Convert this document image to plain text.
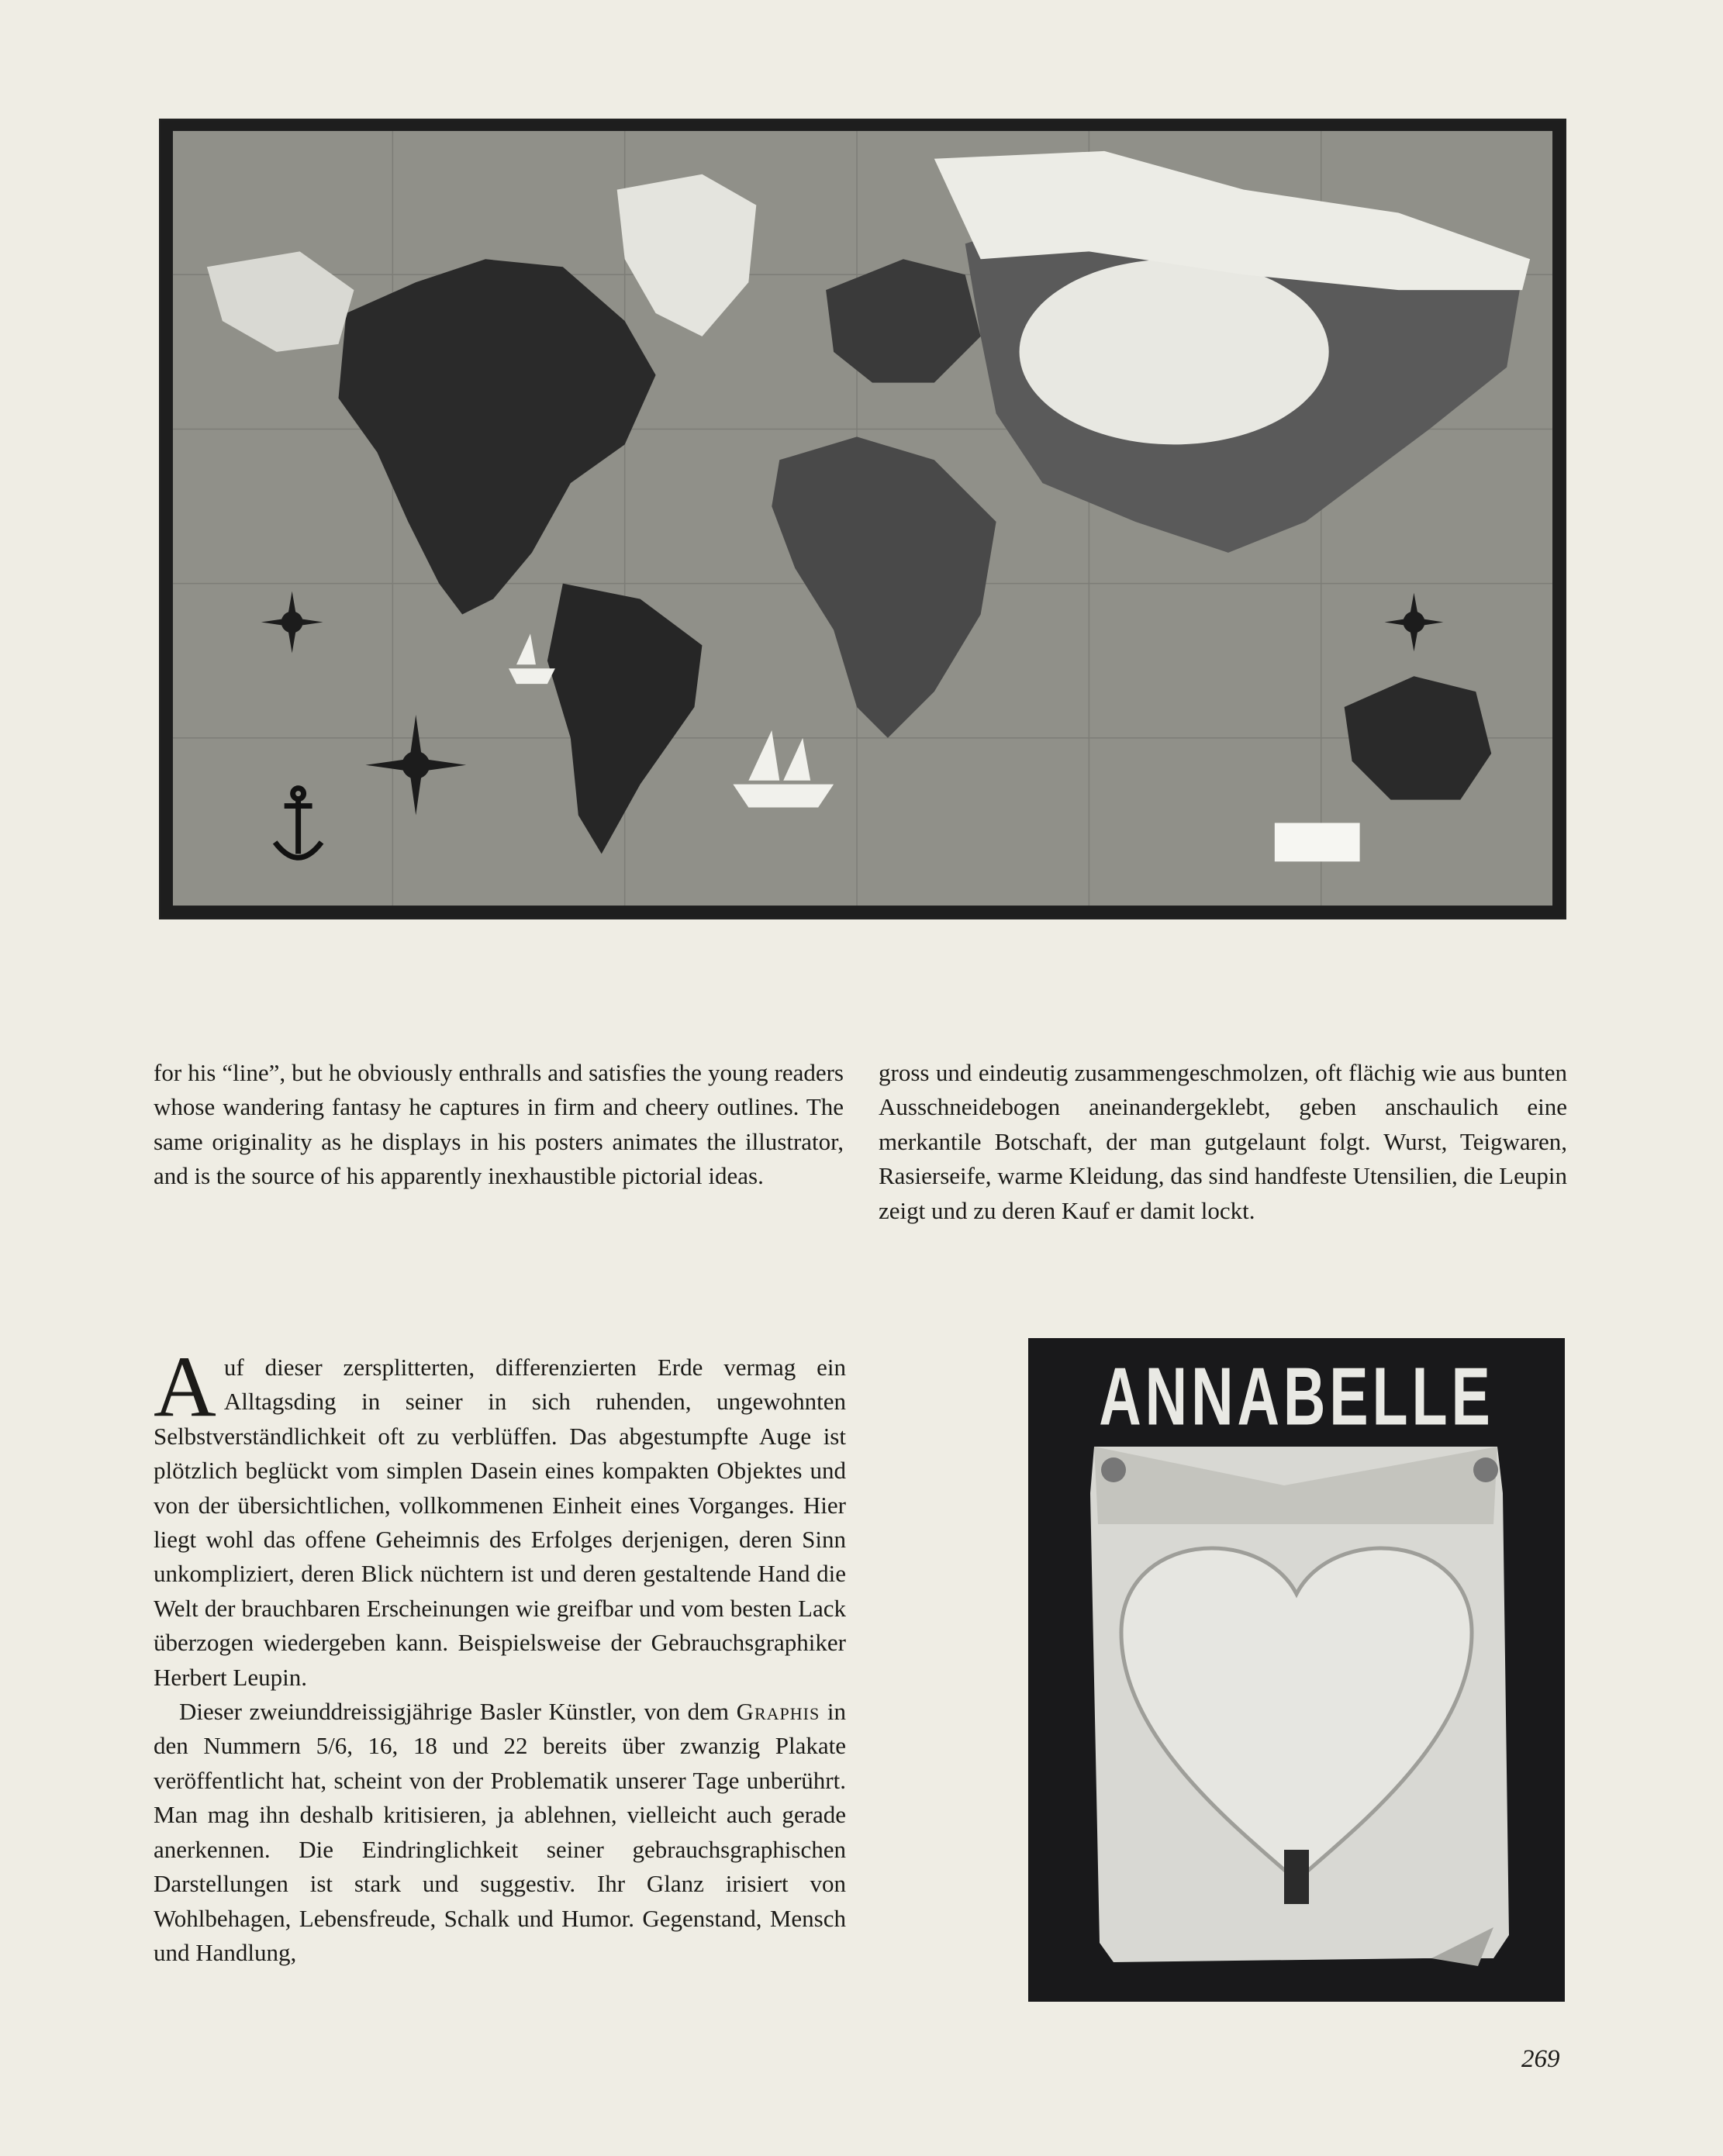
for his “line”, but he obviously enthralls and satisfies the young readers whose wandering fantasy he captures in firm and cheery outlines. The same originality as he displays in his posters animates the illustrator, and is the source of his apparently inexhaustible pictorial ideas.

gross und eindeutig zusammengeschmolzen, oft flächig wie aus bunten Ausschneidebogen aneinandergeklebt, geben anschaulich eine merkantile Botschaft, der man gutgelaunt folgt. Wurst, Teigwaren, Rasierseife, warme Kleidung, das sind handfeste Utensilien, die Leupin zeigt und zu deren Kauf er damit lockt.

Auf dieser zersplitterten, differenzierten Erde vermag ein Alltagsding in seiner in sich ruhenden, ungewohnten Selbstverständlichkeit oft zu verblüffen. Das abgestumpfte Auge ist plötzlich beglückt vom simplen Dasein eines kompakten Objektes und von der übersichtlichen, vollkommenen Einheit eines Vorganges. Hier liegt wohl das offene Geheimnis des Erfolges derjenigen, deren Sinn unkompliziert, deren Blick nüchtern ist und deren gestaltende Hand die Welt der brauchbaren Erscheinungen wie greifbar und vom besten Lack überzogen wiedergeben kann. Beispielsweise der Gebrauchsgraphiker Herbert Leupin.

Dieser zweiunddreissigjährige Basler Künstler, von dem Graphis in den Nummern 5/6, 16, 18 und 22 bereits über zwanzig Plakate veröffentlicht hat, scheint von der Problematik unserer Tage unberührt. Man mag ihn deshalb kritisieren, ja ablehnen, vielleicht auch gerade anerkennen. Die Eindringlichkeit seiner gebrauchsgraphischen Darstellungen ist stark und suggestiv. Ihr Glanz irisiert von Wohlbehagen, Lebensfreude, Schalk und Humor. Gegenstand, Mensch und Handlung,

ANNABELLE
269
